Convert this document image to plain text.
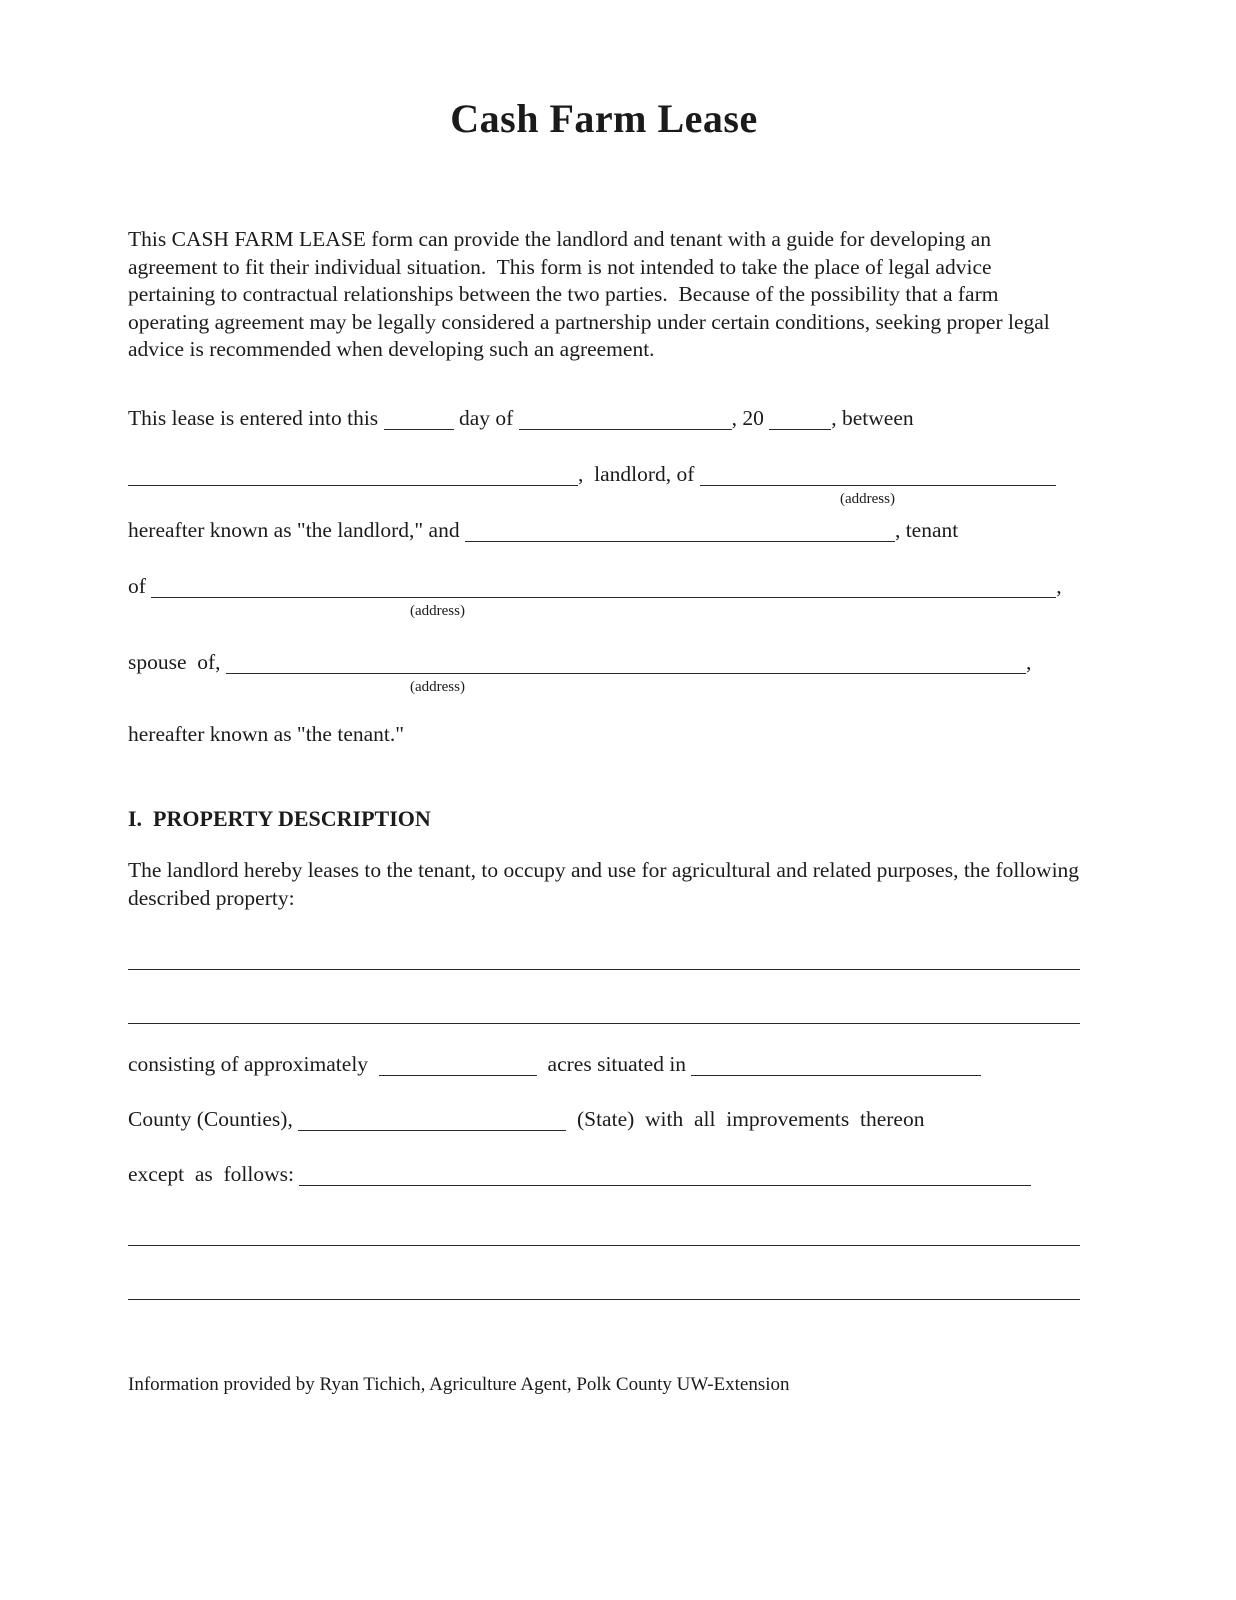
Cash Farm Lease

This CASH FARM LEASE form can provide the landlord and tenant with a guide for developing an agreement to fit their individual situation.  This form is not intended to take the place of legal advice pertaining to contractual relationships between the two parties.  Because of the possibility that a farm operating agreement may be legally considered a partnership under certain conditions, seeking proper legal advice is recommended when developing such an agreement.

This lease is entered into this	day of	, 20	, between
,  landlord, of
(address)
hereafter known as "the landlord," and	, tenant
of	,
(address)
spouse  of,	,
(address)
hereafter known as "the tenant."
I.  PROPERTY DESCRIPTION

The landlord hereby leases to the tenant, to occupy and use for agricultural and related purposes, the following described property:

consisting of approximately	acres situated in
County (Counties),	(State)  with  all  improvements  thereon
except  as  follows:
Information provided by Ryan Tichich, Agriculture Agent, Polk County UW-Extension
